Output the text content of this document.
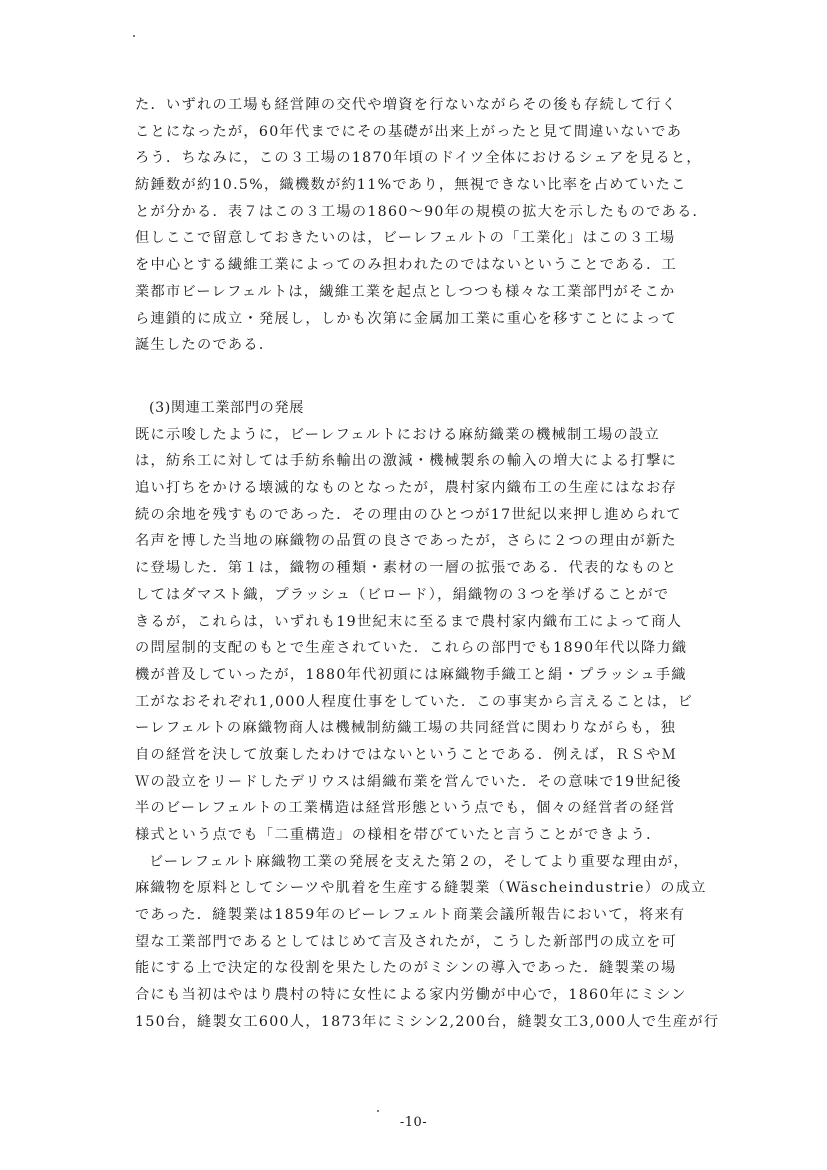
た．いずれの工場も経営陣の交代や増資を行ないながらその後も存続して行く
ことになったが，60年代までにその基礎が出来上がったと見て間違いないであ
ろう．ちなみに，この３工場の1870年頃のドイツ全体におけるシェアを見ると，
紡錘数が約10.5%，織機数が約11%であり，無視できない比率を占めていたこ
とが分かる．表７はこの３工場の1860～90年の規模の拡大を示したものである．
但しここで留意しておきたいのは，ビーレフェルトの「工業化」はこの３工場
を中心とする繊維工業によってのみ担われたのではないということである．工
業都市ビーレフェルトは，繊維工業を起点としつつも様々な工業部門がそこか
ら連鎖的に成立・発展し，しかも次第に金属加工業に重心を移すことによって
誕生したのである．
(3)関連工業部門の発展
既に示唆したように，ビーレフェルトにおける麻紡織業の機械制工場の設立
は，紡糸工に対しては手紡糸輸出の激減・機械製糸の輸入の増大による打撃に
追い打ちをかける壊滅的なものとなったが，農村家内織布工の生産にはなお存
続の余地を残すものであった．その理由のひとつが17世紀以来押し進められて
名声を博した当地の麻織物の品質の良さであったが，さらに２つの理由が新た
に登場した．第１は，織物の種類・素材の一層の拡張である．代表的なものと
してはダマスト織，プラッシュ（ビロード），絹織物の３つを挙げることがで
きるが，これらは，いずれも19世紀末に至るまで農村家内織布工によって商人
の問屋制的支配のもとで生産されていた．これらの部門でも1890年代以降力織
機が普及していったが，1880年代初頭には麻織物手織工と絹・プラッシュ手織
工がなおそれぞれ1,000人程度仕事をしていた．この事実から言えることは，ビ
ーレフェルトの麻織物商人は機械制紡織工場の共同経営に関わりながらも，独
自の経営を決して放棄したわけではないということである．例えば，ＲＳやＭ
Ｗの設立をリードしたデリウスは絹織布業を営んでいた．その意味で19世紀後
半のビーレフェルトの工業構造は経営形態という点でも，個々の経営者の経営
様式という点でも「二重構造」の様相を帯びていたと言うことができよう．
ビーレフェルト麻織物工業の発展を支えた第２の，そしてより重要な理由が，
麻織物を原料としてシーツや肌着を生産する縫製業（Wäscheindustrie）の成立
であった．縫製業は1859年のビーレフェルト商業会議所報告において，将来有
望な工業部門であるとしてはじめて言及されたが，こうした新部門の成立を可
能にする上で決定的な役割を果たしたのがミシンの導入であった．縫製業の場
合にも当初はやはり農村の特に女性による家内労働が中心で，1860年にミシン
150台，縫製女工600人，1873年にミシン2,200台，縫製女工3,000人で生産が行
-10-
